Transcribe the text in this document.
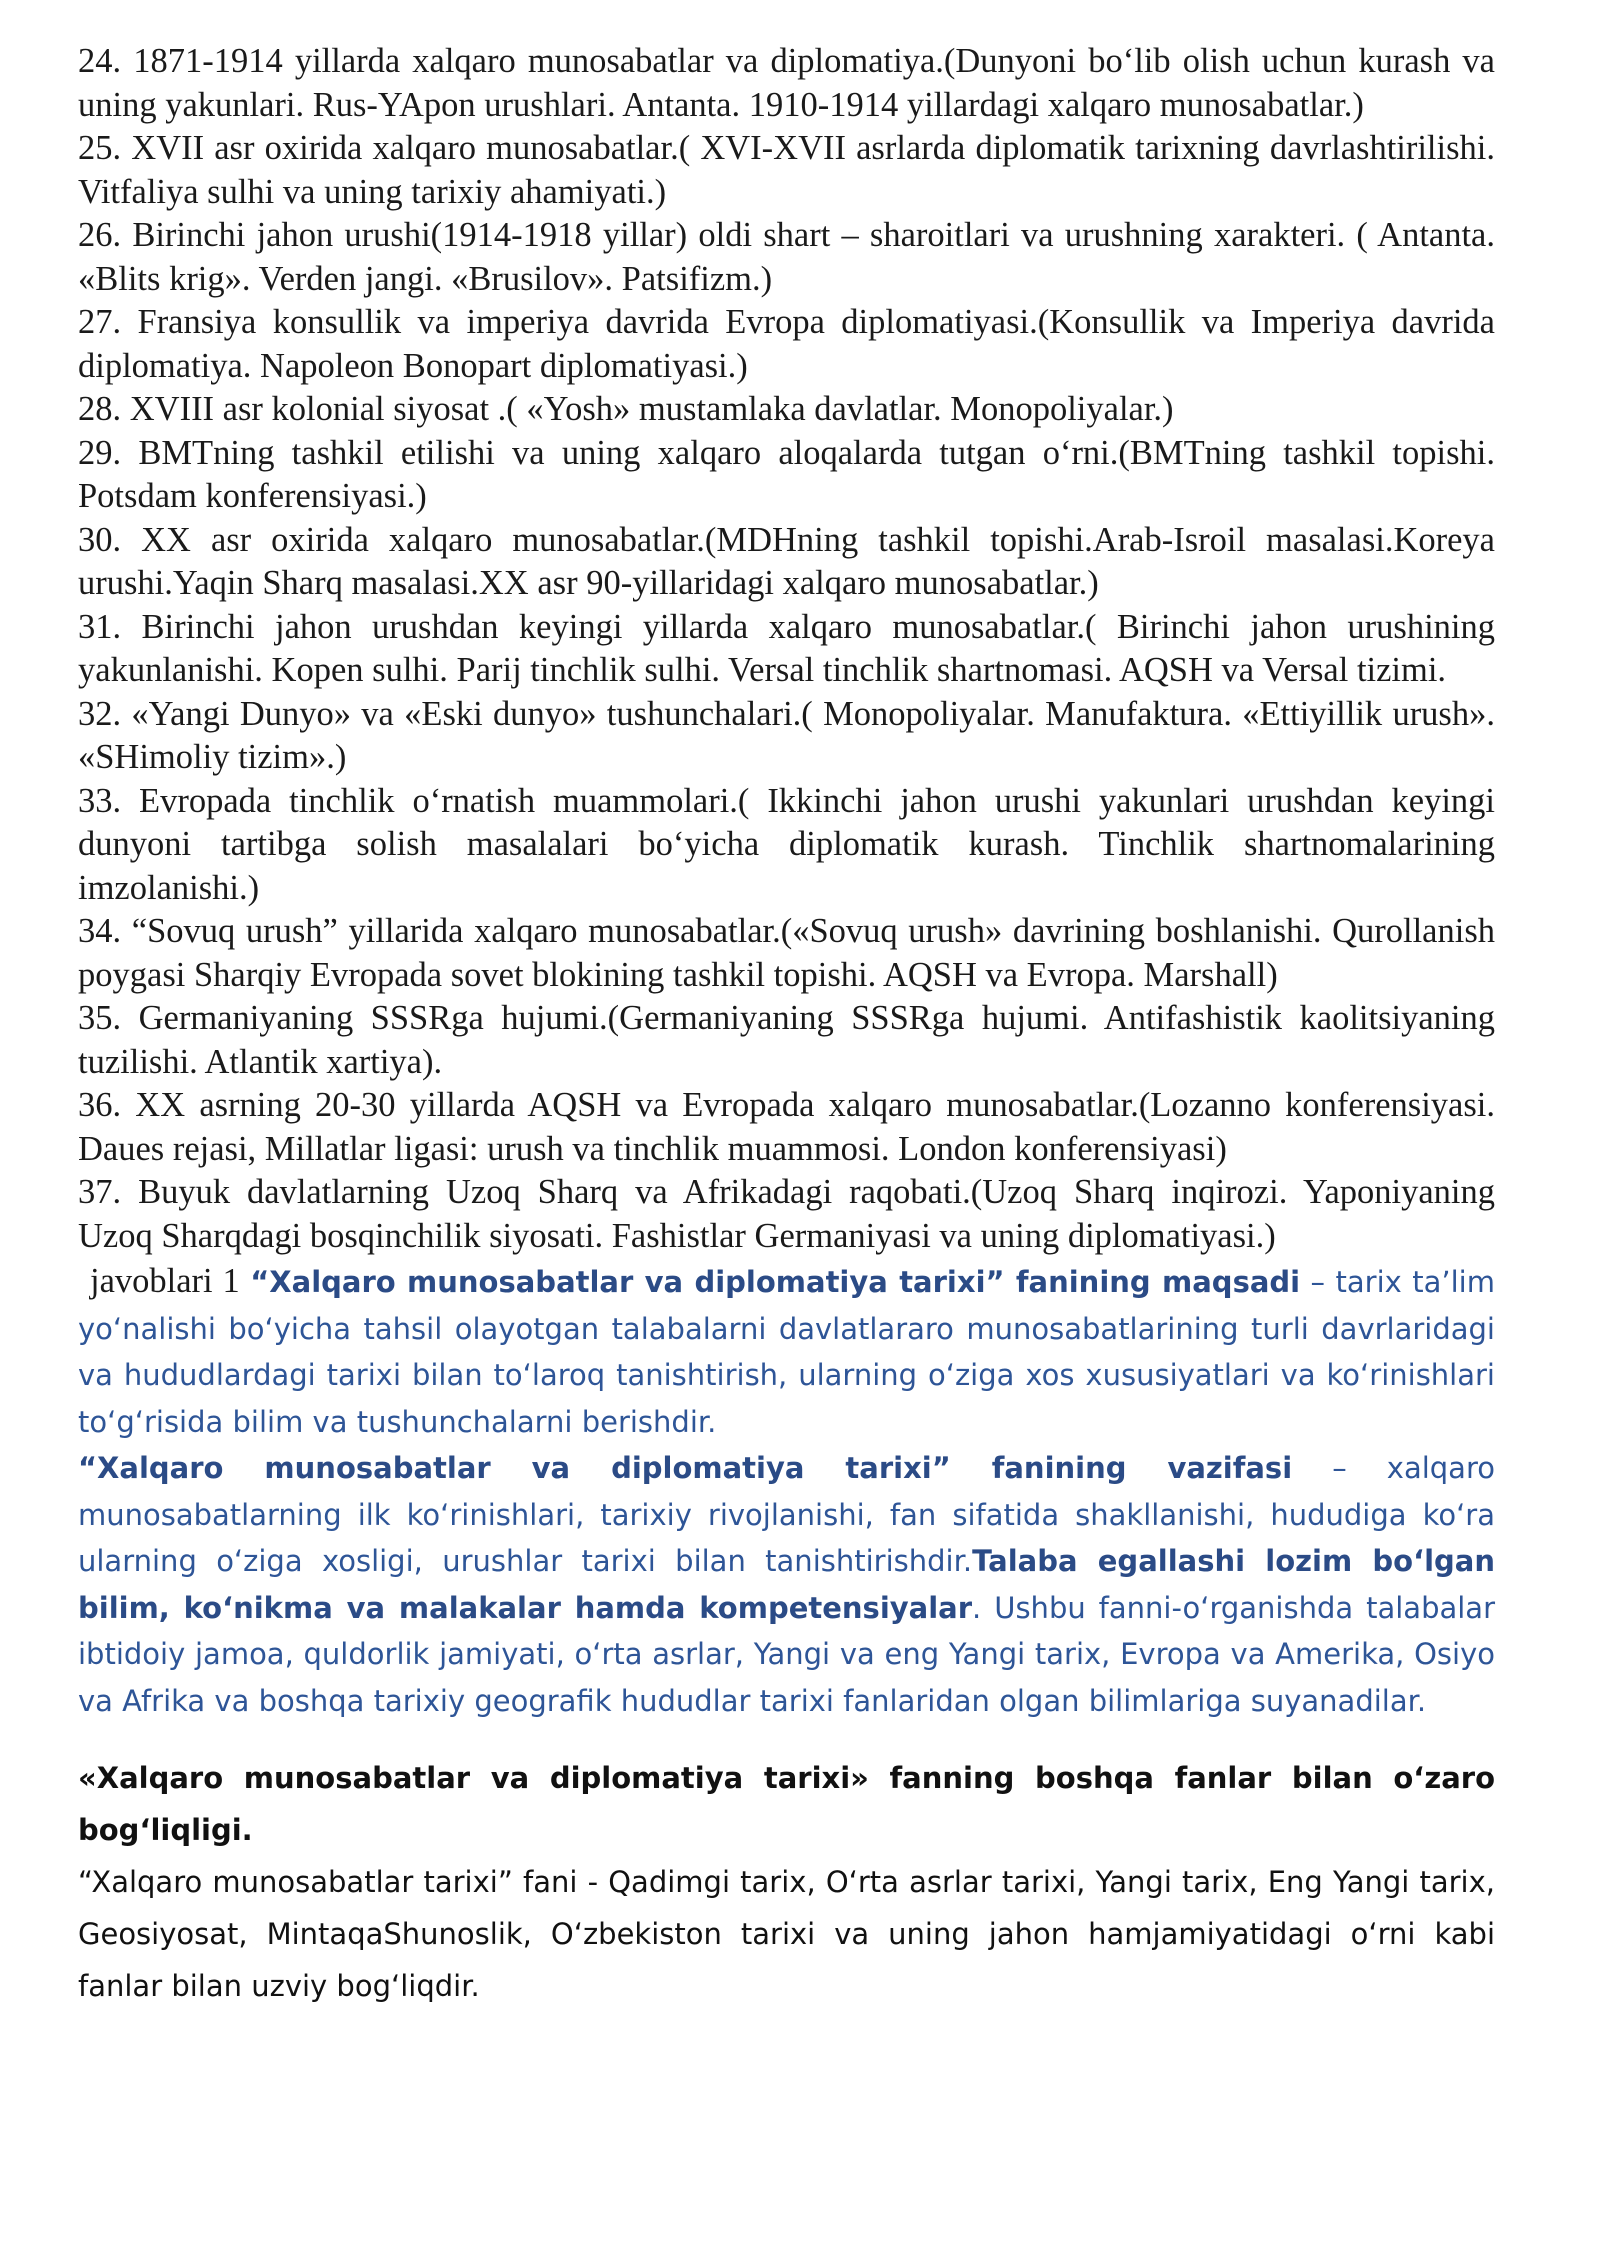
24. 1871-1914 yillarda xalqaro munosabatlar va diplomatiya.(Dunyoni boʻlib olish uchun kurash va uning yakunlari. Rus-YApon urushlari. Antanta. 1910-1914 yillardagi xalqaro munosabatlar.)

25. XVII asr oxirida xalqaro munosabatlar.( XVI-XVII asrlarda diplomatik tarixning davrlashtirilishi. Vitfaliya sulhi va uning tarixiy ahamiyati.)

26. Birinchi jahon urushi(1914-1918 yillar) oldi shart – sharoitlari va urushning xarakteri. ( Antanta. «Blits krig». Verden jangi. «Brusilov». Patsifizm.)

27. Fransiya konsullik va imperiya davrida Evropa diplomatiyasi.(Konsullik va Imperiya davrida diplomatiya. Napoleon Bonopart diplomatiyasi.)

28. XVIII asr kolonial siyosat .( «Yosh» mustamlaka davlatlar. Monopoliyalar.)

29. BMTning tashkil etilishi va uning xalqaro aloqalarda tutgan oʻrni.(BMTning tashkil topishi. Potsdam konferensiyasi.)

30. XX asr oxirida xalqaro munosabatlar.(MDHning tashkil topishi.Arab-Isroil masalasi.Koreya urushi.Yaqin Sharq masalasi.XX asr 90-yillaridagi xalqaro munosabatlar.)

31. Birinchi jahon urushdan keyingi yillarda xalqaro munosabatlar.( Birinchi jahon urushining yakunlanishi. Kopen sulhi. Parij tinchlik sulhi. Versal tinchlik shartnomasi. AQSH va Versal tizimi.

32. «Yangi Dunyo» va «Eski dunyo» tushunchalari.( Monopoliyalar. Manufaktura. «Ettiyillik urush». «SHimoliy tizim».)

33. Evropada tinchlik oʻrnatish muammolari.( Ikkinchi jahon urushi yakunlari urushdan keyingi dunyoni tartibga solish masalalari boʻyicha diplomatik kurash. Tinchlik shartnomalarining imzolanishi.)

34. “Sovuq urush” yillarida xalqaro munosabatlar.(«Sovuq urush» davrining boshlanishi. Qurollanish poygasi Sharqiy Evropada sovet blokining tashkil topishi. AQSH va Evropa. Marshall)

35. Germaniyaning SSSRga hujumi.(Germaniyaning SSSRga hujumi. Antifashistik kaolitsiyaning tuzilishi. Atlantik xartiya).

36. XX asrning 20-30 yillarda AQSH va Evropada xalqaro munosabatlar.(Lozanno konferensiyasi. Daues rejasi, Millatlar ligasi: urush va tinchlik muammosi. London konferensiyasi)

37. Buyuk davlatlarning Uzoq Sharq va Afrikadagi raqobati.(Uzoq Sharq inqirozi. Yaponiyaning Uzoq Sharqdagi bosqinchilik siyosati. Fashistlar Germaniyasi va uning diplomatiyasi.)

javoblari 1 “Xalqaro munosabatlar va diplomatiya tarixi” fanining maqsadi – tarix ta’lim yoʻnalishi boʻyicha tahsil olayotgan talabalarni davlatlararo munosabatlarining turli davrlaridagi va hududlardagi tarixi bilan toʻlaroq tanishtirish, ularning oʻziga xos xususiyatlari va koʻrinishlari toʻgʻrisida bilim va tushunchalarni berishdir.
“Xalqaro munosabatlar va diplomatiya tarixi” fanining vazifasi – xalqaro munosabatlarning ilk koʻrinishlari, tarixiy rivojlanishi, fan sifatida shakllanishi, hududiga koʻra ularning oʻziga xosligi, urushlar tarixi bilan tanishtirishdir.Talaba egallashi lozim boʻlgan bilim, koʻnikma va malakalar hamda kompetensiyalar. Ushbu fanni-oʻrganishda talabalar ibtidoiy jamoa, quldorlik jamiyati, oʻrta asrlar, Yangi va eng Yangi tarix, Evropa va Amerika, Osiyo va Afrika va boshqa tarixiy geografik hududlar tarixi fanlaridan olgan bilimlariga suyanadilar.

«Xalqaro munosabatlar va diplomatiya tarixi» fanning boshqa fanlar bilan oʻzaro bogʻliqligi.
“Xalqaro munosabatlar tarixi” fani - Qadimgi tarix, Oʻrta asrlar tarixi, Yangi tarix, Eng Yangi tarix, Geosiyosat, MintaqaShunoslik, Oʻzbekiston tarixi va uning jahon hamjamiyatidagi oʻrni kabi fanlar bilan uzviy bogʻliqdir.
